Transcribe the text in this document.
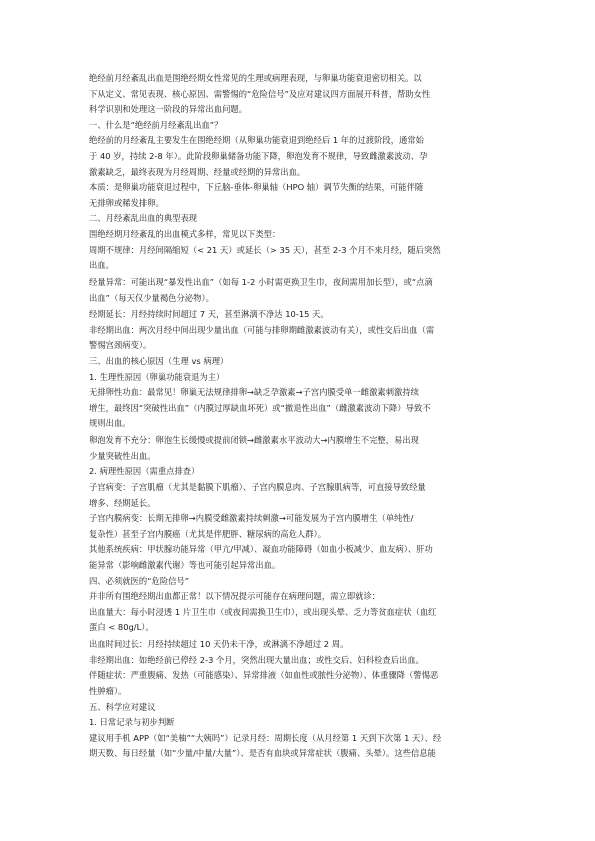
绝经前月经紊乱出血是围绝经期女性常见的生理或病理表现，与卵巢功能衰退密切相关。以
下从定义、常见表现、核心原因、需警惕的“危险信号”及应对建议四方面展开科普，帮助女性
科学识别和处理这一阶段的异常出血问题。
一、什么是“绝经前月经紊乱出血”？
绝经前的月经紊乱主要发生在围绝经期（从卵巢功能衰退到绝经后 1 年的过渡阶段，通常始
于 40 岁，持续 2-8 年）。此阶段卵巢储备功能下降，卵泡发育不规律，导致雌激素波动、孕
激素缺乏，最终表现为月经周期、经量或经期的异常出血。
本质：是卵巢功能衰退过程中，下丘脑-垂体-卵巢轴（HPO 轴）调节失衡的结果，可能伴随
无排卵或稀发排卵。
二、月经紊乱出血的典型表现
围绝经期月经紊乱的出血模式多样，常见以下类型：
周期不规律：月经间隔缩短（< 21 天）或延长（> 35 天），甚至 2-3 个月不来月经，随后突然
出血。
经量异常：可能出现“暴发性出血”（如每 1-2 小时需更换卫生巾，夜间需用加长型），或“点滴
出血”（每天仅少量褐色分泌物）。
经期延长：月经持续时间超过 7 天，甚至淋漓不净达 10-15 天。
非经期出血：两次月经中间出现少量出血（可能与排卵期雌激素波动有关），或性交后出血（需
警惕宫颈病变）。
三、出血的核心原因（生理 vs 病理）
1. 生理性原因（卵巢功能衰退为主）
无排卵性功血：最常见！卵巢无法规律排卵→缺乏孕激素→子宫内膜受单一雌激素刺激持续
增生，最终因“突破性出血”（内膜过厚缺血坏死）或“撤退性出血”（雌激素波动下降）导致不
规则出血。
卵泡发育不充分：卵泡生长缓慢或提前闭锁→雌激素水平波动大→内膜增生不完整，易出现
少量突破性出血。
2. 病理性原因（需重点排查）
子宫病变：子宫肌瘤（尤其是黏膜下肌瘤）、子宫内膜息肉、子宫腺肌病等，可直接导致经量
增多、经期延长。
子宫内膜病变：长期无排卵→内膜受雌激素持续刺激→可能发展为子宫内膜增生（单纯性/
复杂性）甚至子宫内膜癌（尤其是伴肥胖、糖尿病的高危人群）。
其他系统疾病：甲状腺功能异常（甲亢/甲减）、凝血功能障碍（如血小板减少、血友病）、肝功
能异常（影响雌激素代谢）等也可能引起异常出血。
四、必须就医的“危险信号”
并非所有围绝经期出血都正常！以下情况提示可能存在病理问题，需立即就诊：
出血量大：每小时浸透 1 片卫生巾（或夜间需换卫生巾），或出现头晕、乏力等贫血症状（血红
蛋白 < 80g/L）。
出血时间过长：月经持续超过 10 天仍未干净，或淋漓不净超过 2 周。
非经期出血：如绝经前已停经 2-3 个月，突然出现大量出血；或性交后、妇科检查后出血。
伴随症状：严重腹痛、发热（可能感染）、异常排液（如血性或脓性分泌物）、体重骤降（警惕恶
性肿瘤）。
五、科学应对建议
1. 日常记录与初步判断
建议用手机 APP（如“美柚”“大姨吗”）记录月经：周期长度（从月经第 1 天到下次第 1 天）、经
期天数、每日经量（如“少量/中量/大量”）、是否有血块或异常症状（腹痛、头晕）。这些信息能
